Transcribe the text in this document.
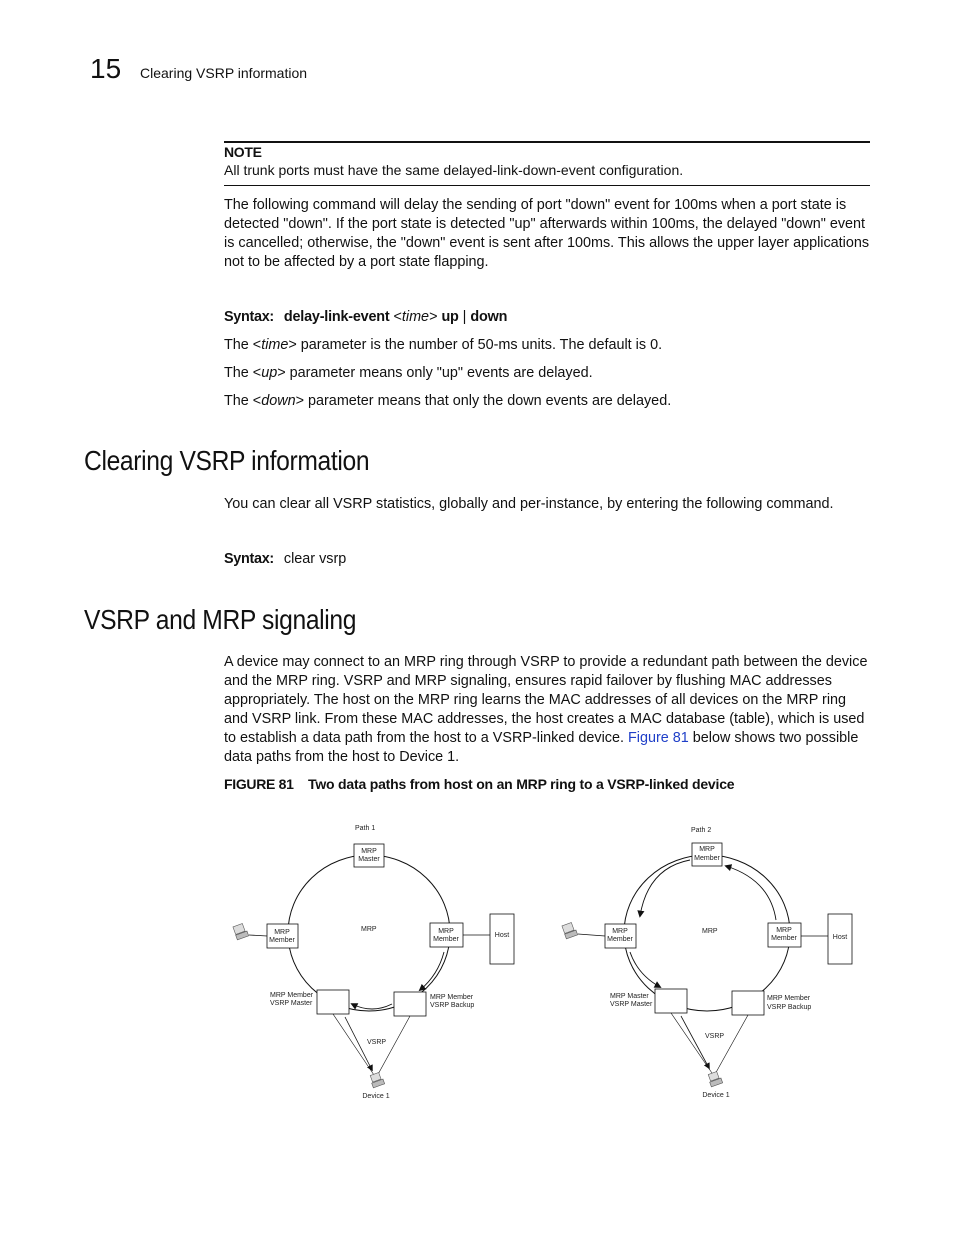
15 Clearing VSRP information
NOTE
All trunk ports must have the same delayed-link-down-event configuration.
The following command will delay the sending of port "down" event for 100ms when a port state is detected "down". If the port state is detected "up" afterwards within 100ms, the delayed "down" event is cancelled; otherwise, the "down" event is sent after 100ms. This allows the upper layer applications not to be affected by a port state flapping.
Syntax: delay-link-event <time> up | down
The <time> parameter is the number of 50-ms units. The default is 0.
The <up> parameter means only "up" events are delayed.
The <down> parameter means that only the down events are delayed.
Clearing VSRP information
You can clear all VSRP statistics, globally and per-instance, by entering the following command.
Syntax: clear vsrp
VSRP and MRP signaling
A device may connect to an MRP ring through VSRP to provide a redundant path between the device and the MRP ring. VSRP and MRP signaling, ensures rapid failover by flushing MAC addresses appropriately. The host on the MRP ring learns the MAC addresses of all devices on the MRP ring and VSRP link. From these MAC addresses, the host creates a MAC database (table), which is used to establish a data path from the host to a VSRP-linked device. Figure 81 below shows two possible data paths from the host to Device 1.
FIGURE 81 Two data paths from host on an MRP ring to a VSRP-linked device
Path 1
MRP
Master
MRP
Member
MRP
Member
MRP
Host
MRP Member
VSRP Master
MRP Member
VSRP Backup
VSRP
Device 1
Path 2
MRP
Member
MRP
Member
MRP
Member
MRP
Host
MRP Master
VSRP Master
MRP Member
VSRP Backup
VSRP
Device 1
